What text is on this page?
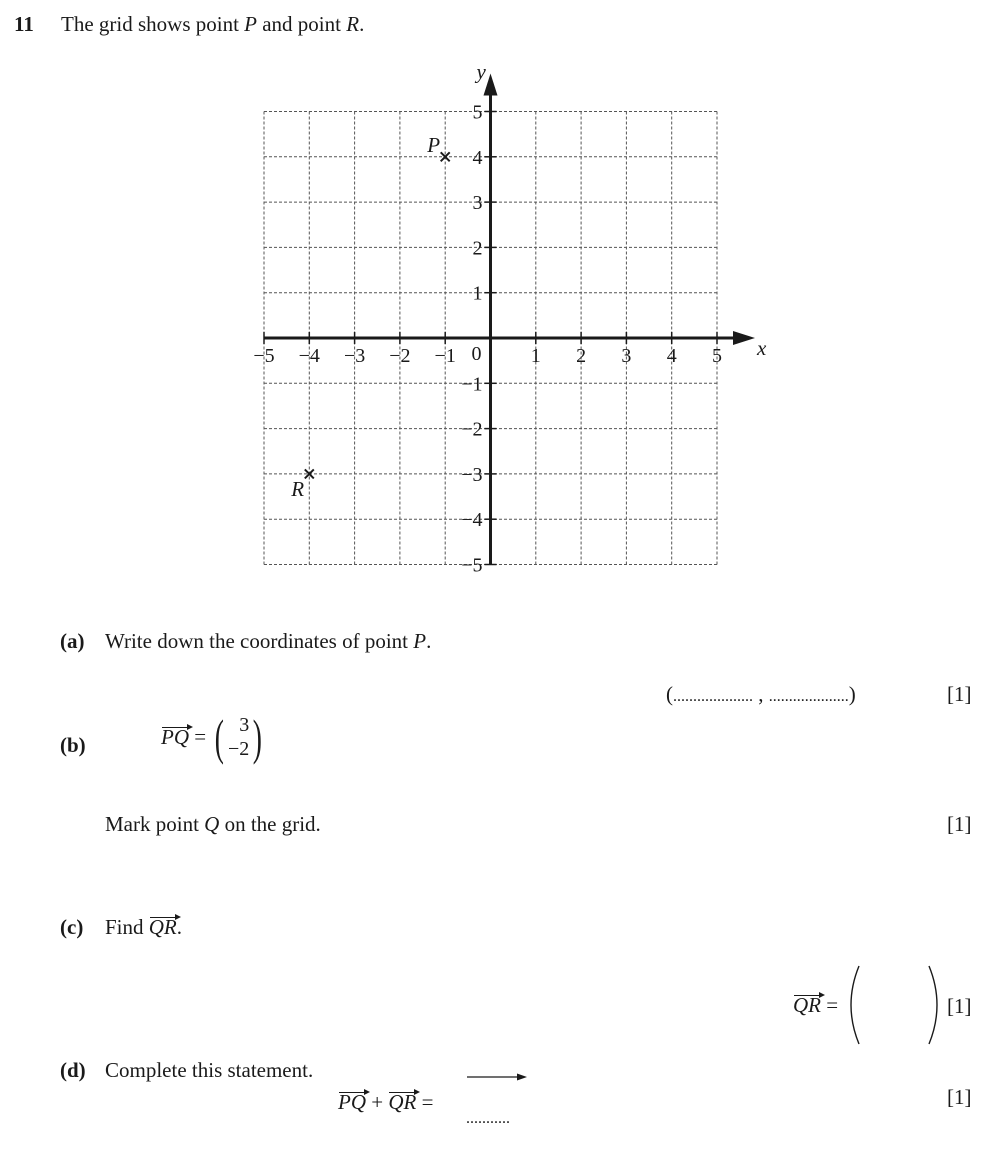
11 The grid shows point P and point R.
−5 −4 −3 −2 −1	1 2 3 4 5
5
4
3
2
1
−1
−2
−3
−4
−5
0	x
y
P
R
(a) Write down the coordinates of point P.
(.................... , ....................)	[1]
(b)	PQ = ( 3
−2 )
Mark point Q on the grid.	[1]
(c) Find QR.
QR =	[1]
(d) Complete this statement.
PQ + QR =
...........
[1]
